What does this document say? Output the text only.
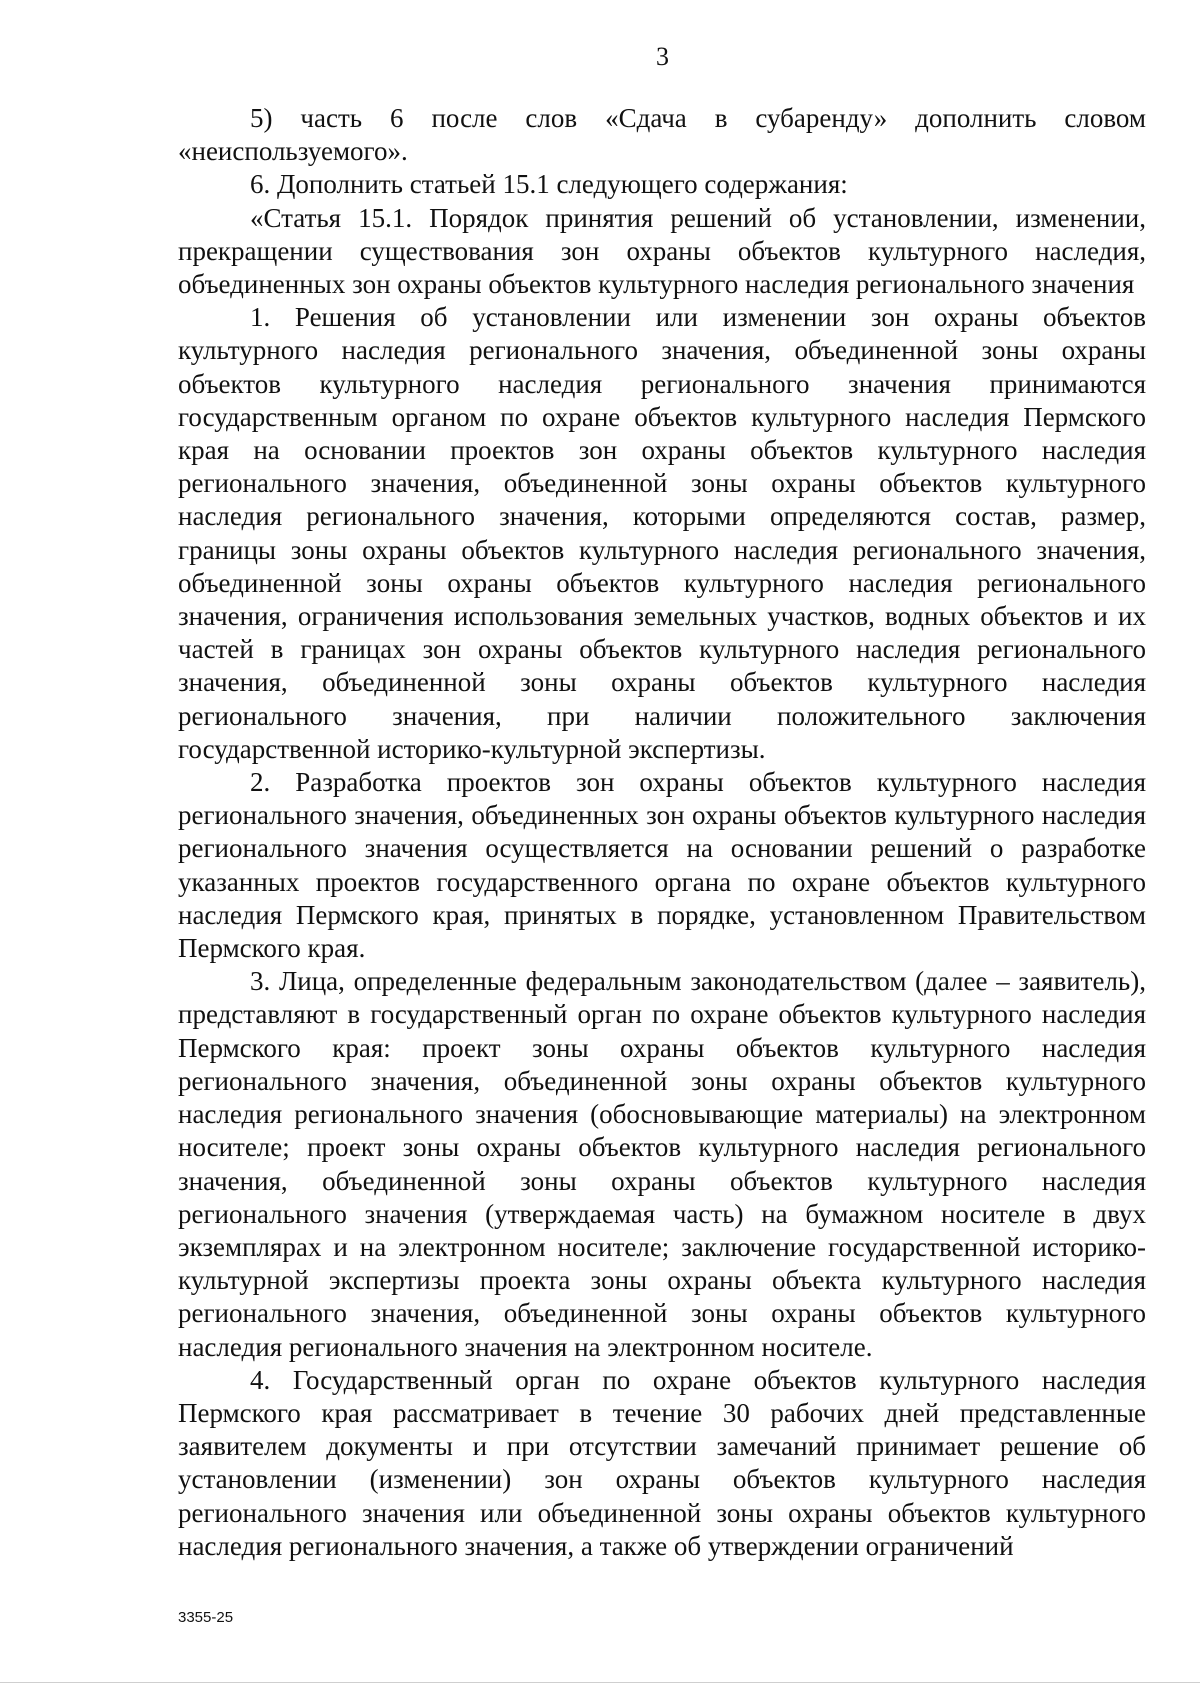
3

5) часть 6 после слов «Сдача в субаренду» дополнить словом «неиспользуемого».

6. Дополнить статьей 15.1 следующего содержания:

«Статья 15.1. Порядок принятия решений об установлении, изменении, прекращении существования зон охраны объектов культурного наследия, объединенных зон охраны объектов культурного наследия регионального значения

1. Решения об установлении или изменении зон охраны объектов культурного наследия регионального значения, объединенной зоны охраны объектов культурного наследия регионального значения принимаются государственным органом по охране объектов культурного наследия Пермского края на основании проектов зон охраны объектов культурного наследия регионального значения, объединенной зоны охраны объектов культурного наследия регионального значения, которыми определяются состав, размер, границы зоны охраны объектов культурного наследия регионального значения, объединенной зоны охраны объектов культурного наследия регионального значения, ограничения использования земельных участков, водных объектов и их частей в границах зон охраны объектов культурного наследия регионального значения, объединенной зоны охраны объектов культурного наследия регионального значения, при наличии положительного заключения государственной историко-культурной экспертизы.

2. Разработка проектов зон охраны объектов культурного наследия регионального значения, объединенных зон охраны объектов культурного наследия регионального значения осуществляется на основании решений о разработке указанных проектов государственного органа по охране объектов культурного наследия Пермского края, принятых в порядке, установленном Правительством Пермского края.

3. Лица, определенные федеральным законодательством (далее – заявитель), представляют в государственный орган по охране объектов культурного наследия Пермского края: проект зоны охраны объектов культурного наследия регионального значения, объединенной зоны охраны объектов культурного наследия регионального значения (обосновывающие материалы) на электронном носителе; проект зоны охраны объектов культурного наследия регионального значения, объединенной зоны охраны объектов культурного наследия регионального значения (утверждаемая часть) на бумажном носителе в двух экземплярах и на электронном носителе; заключение государственной историко-культурной экспертизы проекта зоны охраны объекта культурного наследия регионального значения, объединенной зоны охраны объектов культурного наследия регионального значения на электронном носителе.

4. Государственный орган по охране объектов культурного наследия Пермского края рассматривает в течение 30 рабочих дней представленные заявителем документы и при отсутствии замечаний принимает решение об установлении (изменении) зон охраны объектов культурного наследия регионального значения или объединенной зоны охраны объектов культурного наследия регионального значения, а также об утверждении ограничений

3355-25
